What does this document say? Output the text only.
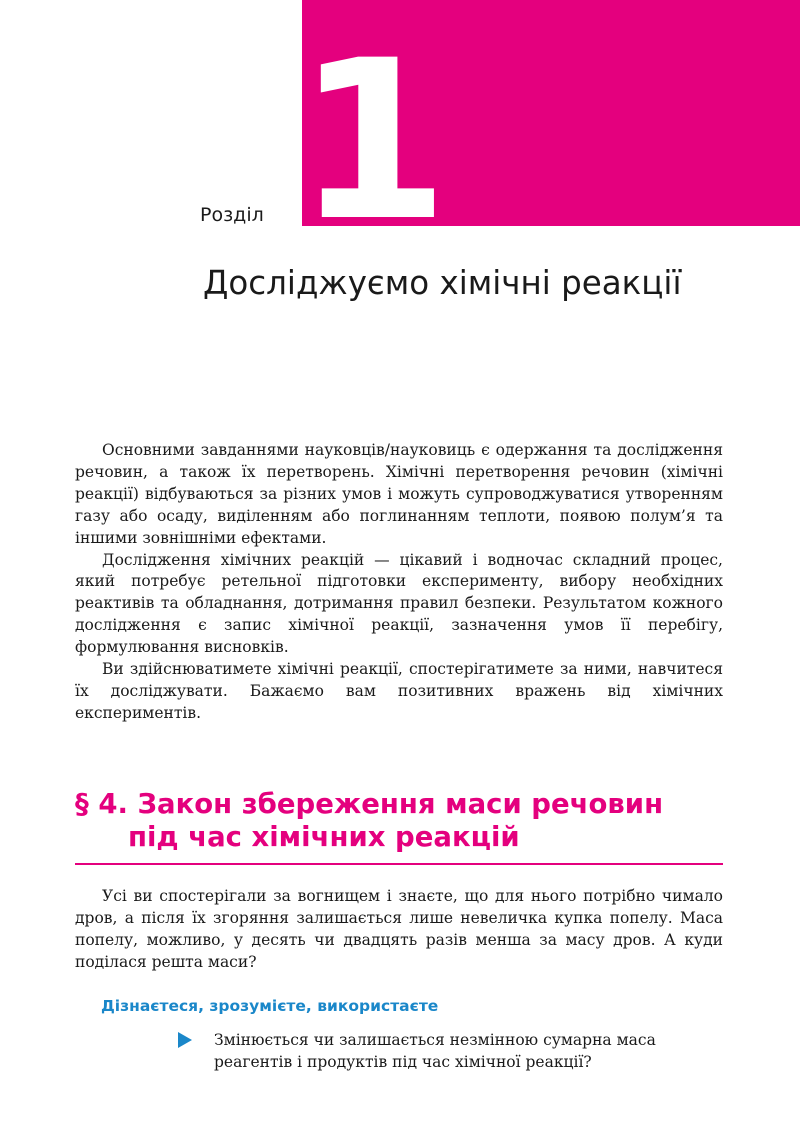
1
Розділ
Досліджуємо хімічні реакції

Основними завданнями науковців/науковиць є одержання та дослідження речовин, а також їх перетворень. Хімічні перетворення речовин (хімічні реакції) відбуваються за різних умов і можуть супроводжуватися утворенням газу або осаду, виділенням або поглинанням теплоти, появою полум’я та іншими зовнішніми ефектами.

Дослідження хімічних реакцій — цікавий і водночас складний процес, який потребує ретельної підготовки експерименту, вибору необхідних реактивів та обладнання, дотримання правил безпеки. Результатом кожного дослідження є запис хімічної реакції, зазначення умов її перебігу, формулювання висновків.

Ви здійснюватимете хімічні реакції, спостерігатимете за ними, навчитеся їх досліджувати. Бажаємо вам позитивних вражень від хімічних експериментів.

§ 4. Закон збереження маси речовин
під час хімічних реакцій

Усі ви спостерігали за вогнищем і знаєте, що для нього потрібно чимало дров, а після їх згоряння залишається лише невеличка купка попелу. Маса попелу, можливо, у десять чи двадцять разів менша за масу дров. А куди поділася решта маси?

Дізнаєтеся, зрозумієте, використаєте
Змінюється чи залишається незмінною сумарна маса реагентів і продуктів під час хімічної реакції?
